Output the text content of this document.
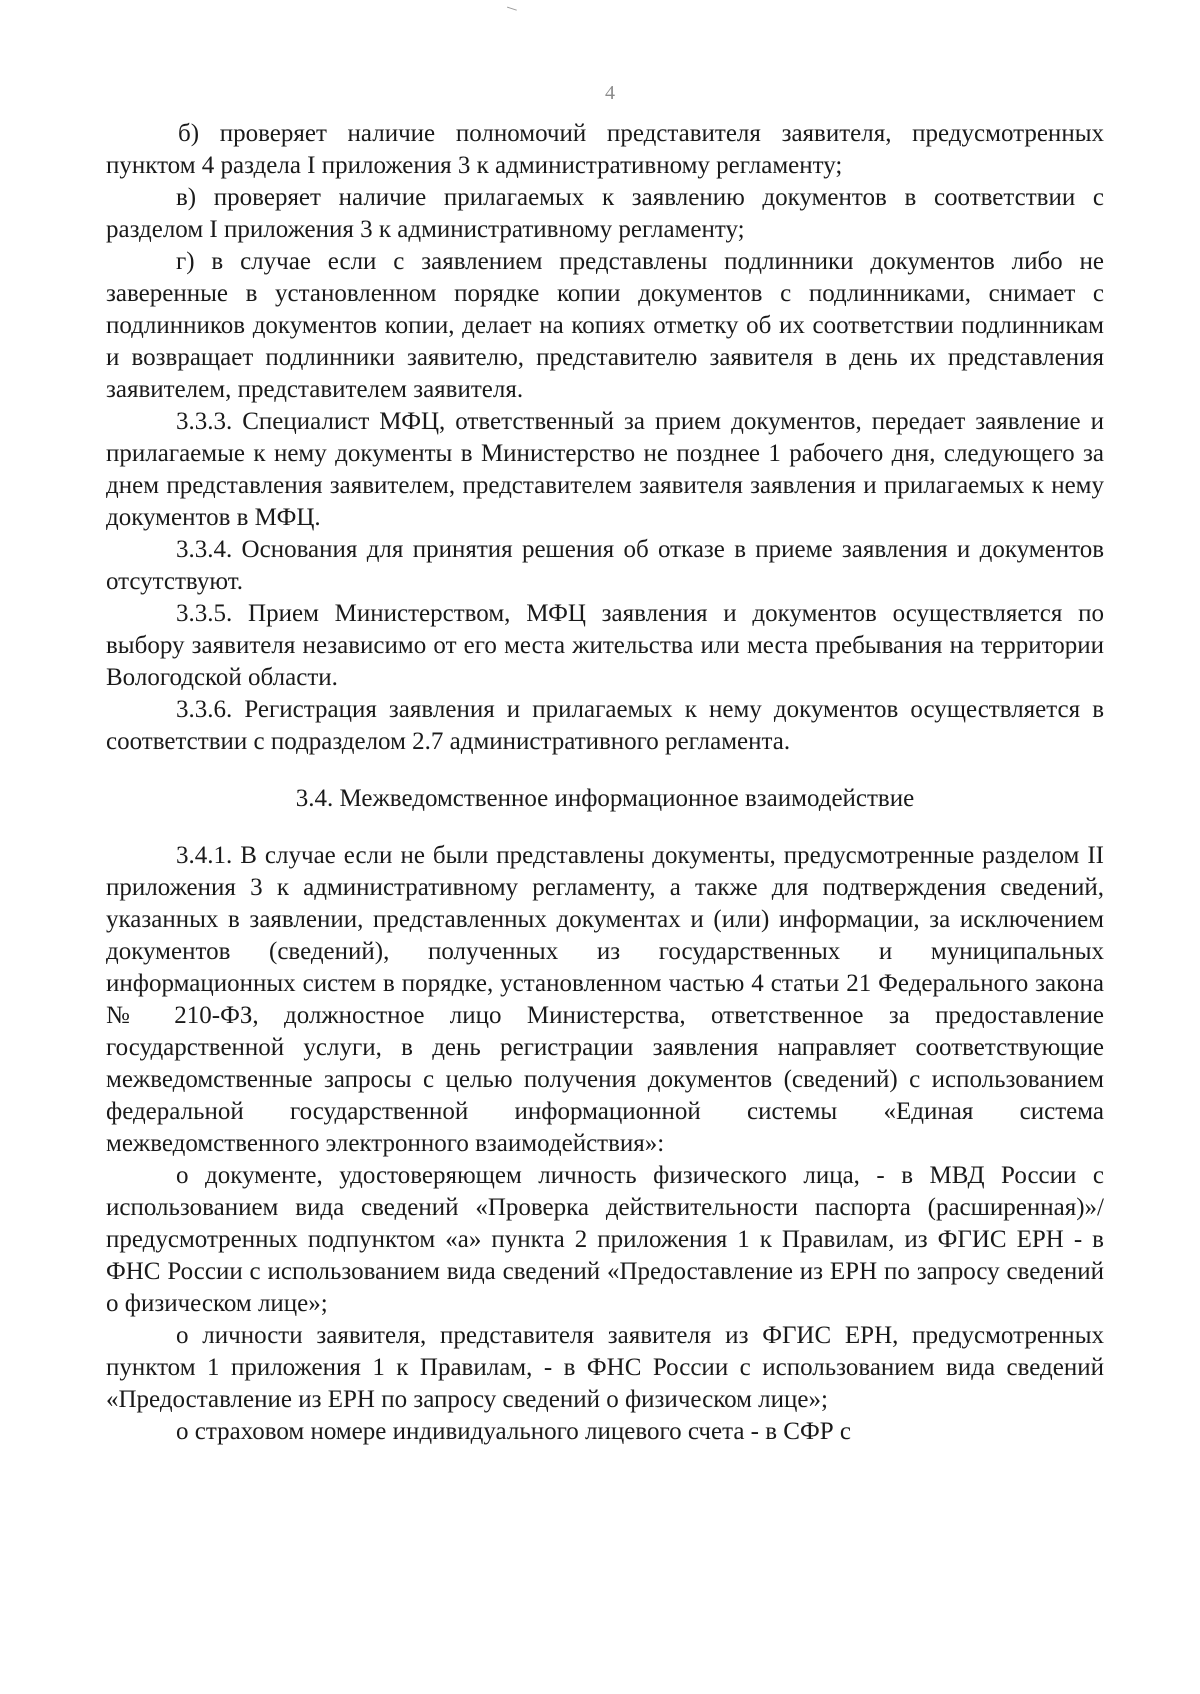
4

б) проверяет наличие полномочий представителя заявителя, предусмотренных пунктом 4 раздела I приложения 3 к административному регламенту;

в) проверяет наличие прилагаемых к заявлению документов в соответствии с разделом I приложения 3 к административному регламенту;

г) в случае если с заявлением представлены подлинники документов либо не заверенные в установленном порядке копии документов с подлинниками, снимает с подлинников документов копии, делает на копиях отметку об их соответствии подлинникам и возвращает подлинники заявителю, представителю заявителя в день их представления заявителем, представителем заявителя.

3.3.3. Специалист МФЦ, ответственный за прием документов, передает заявление и прилагаемые к нему документы в Министерство не позднее 1 рабочего дня, следующего за днем представления заявителем, представителем заявителя заявления и прилагаемых к нему документов в МФЦ.

3.3.4. Основания для принятия решения об отказе в приеме заявления и документов отсутствуют.

3.3.5. Прием Министерством, МФЦ заявления и документов осуществляется по выбору заявителя независимо от его места жительства или места пребывания на территории Вологодской области.

3.3.6. Регистрация заявления и прилагаемых к нему документов осуществляется в соответствии с подразделом 2.7 административного регламента.

3.4. Межведомственное информационное взаимодействие

3.4.1. В случае если не были представлены документы, предусмотренные разделом II приложения 3 к административному регламенту, а также для подтверждения сведений, указанных в заявлении, представленных документах и (или) информации, за исключением документов (сведений), полученных из государственных и муниципальных информационных систем в порядке, установленном частью 4 статьи 21 Федерального закона № 210-ФЗ, должностное лицо Министерства, ответственное за предоставление государственной услуги, в день регистрации заявления направляет соответствующие межведомственные запросы с целью получения документов (сведений) с использованием федеральной государственной информационной системы «Единая система межведомственного электронного взаимодействия»:

о документе, удостоверяющем личность физического лица, - в МВД России с использованием вида сведений «Проверка действительности паспорта (расширенная)»/предусмотренных подпунктом «а» пункта 2 приложения 1 к Правилам, из ФГИС ЕРН - в ФНС России с использованием вида сведений «Предоставление из ЕРН по запросу сведений о физическом лице»;

о личности заявителя, представителя заявителя из ФГИС ЕРН, предусмотренных пунктом 1 приложения 1 к Правилам, - в ФНС России с использованием вида сведений «Предоставление из ЕРН по запросу сведений о физическом лице»;

о страховом номере индивидуального лицевого счета - в СФР с
